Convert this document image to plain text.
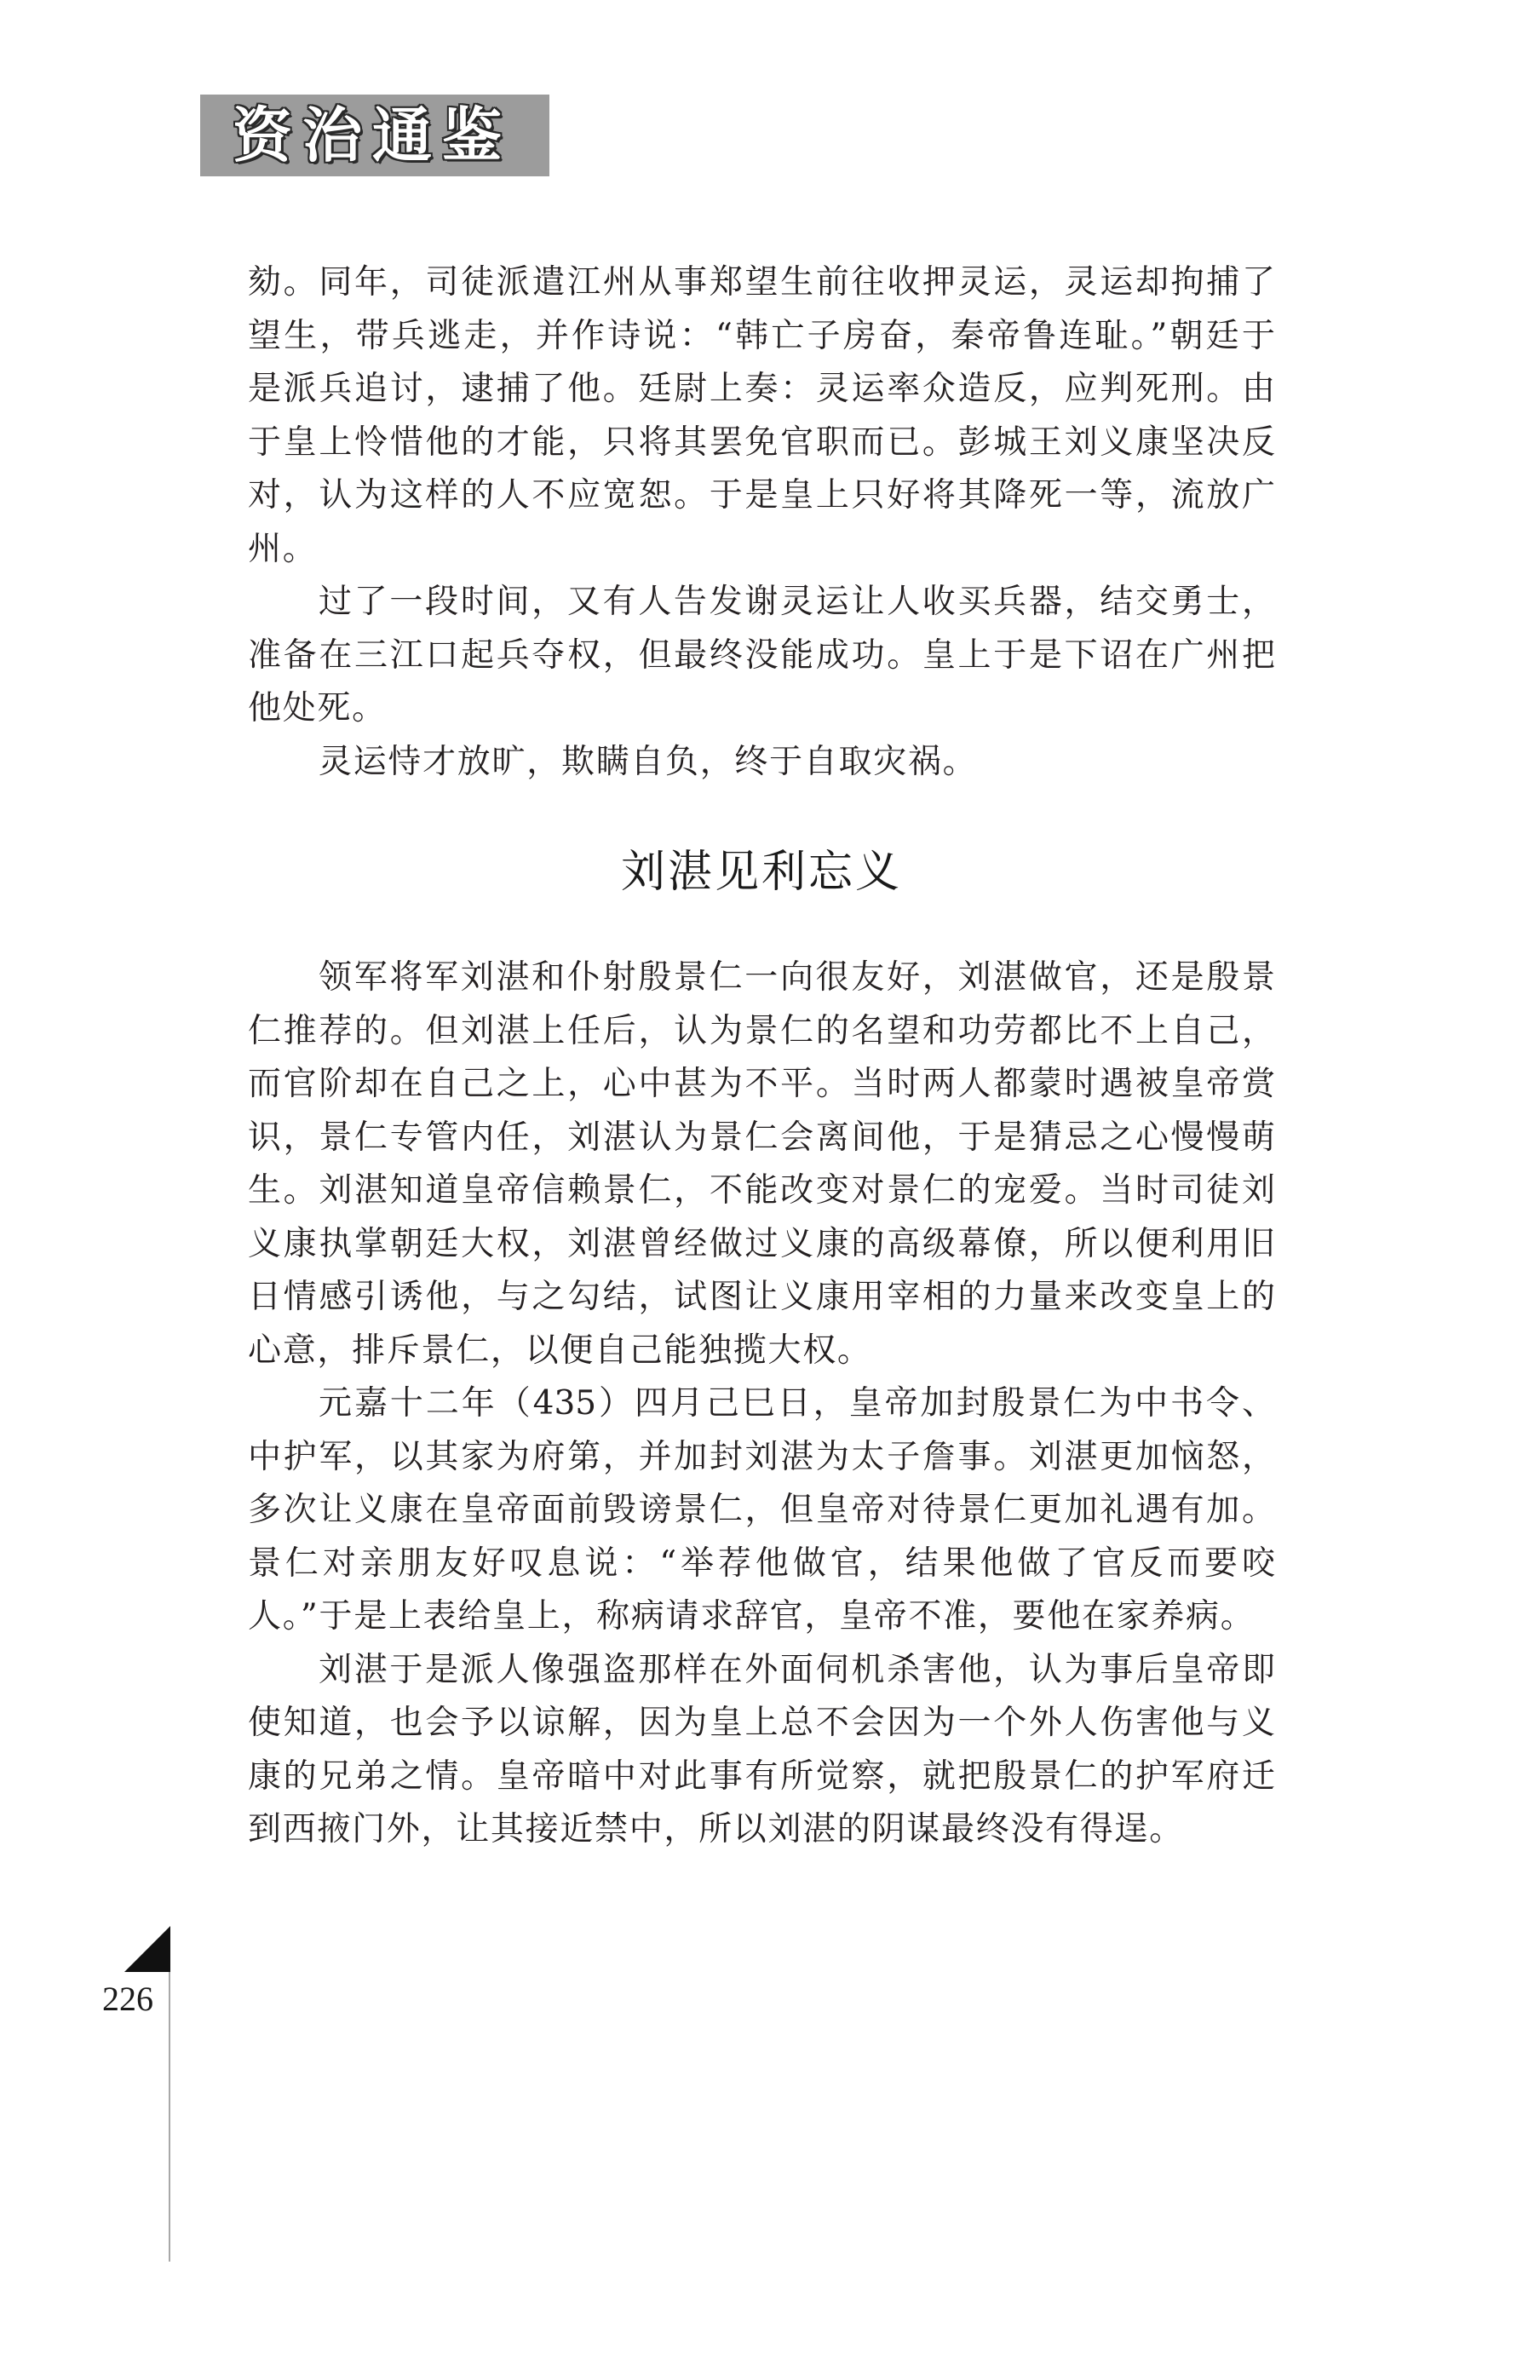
资治通鉴
劾。同年，司徒派遣江州从事郑望生前往收押灵运，灵运却拘捕了
望生，带兵逃走，并作诗说：“韩亡子房奋，秦帝鲁连耻。”朝廷于
是派兵追讨，逮捕了他。廷尉上奏：灵运率众造反，应判死刑。由
于皇上怜惜他的才能，只将其罢免官职而已。彭城王刘义康坚决反
对，认为这样的人不应宽恕。于是皇上只好将其降死一等，流放广
州。
过了一段时间，又有人告发谢灵运让人收买兵器，结交勇士，
准备在三江口起兵夺权，但最终没能成功。皇上于是下诏在广州把
他处死。
灵运恃才放旷，欺瞒自负，终于自取灾祸。
刘湛见利忘义
领军将军刘湛和仆射殷景仁一向很友好，刘湛做官，还是殷景
仁推荐的。但刘湛上任后，认为景仁的名望和功劳都比不上自己，
而官阶却在自己之上，心中甚为不平。当时两人都蒙时遇被皇帝赏
识，景仁专管内任，刘湛认为景仁会离间他，于是猜忌之心慢慢萌
生。刘湛知道皇帝信赖景仁，不能改变对景仁的宠爱。当时司徒刘
义康执掌朝廷大权，刘湛曾经做过义康的高级幕僚，所以便利用旧
日情感引诱他，与之勾结，试图让义康用宰相的力量来改变皇上的
心意，排斥景仁，以便自己能独揽大权。
元嘉十二年（435）四月己巳日，皇帝加封殷景仁为中书令、
中护军，以其家为府第，并加封刘湛为太子詹事。刘湛更加恼怒，
多次让义康在皇帝面前毁谤景仁，但皇帝对待景仁更加礼遇有加。
景仁对亲朋友好叹息说：“举荐他做官，结果他做了官反而要咬
人。”于是上表给皇上，称病请求辞官，皇帝不准，要他在家养病。
刘湛于是派人像强盗那样在外面伺机杀害他，认为事后皇帝即
使知道，也会予以谅解，因为皇上总不会因为一个外人伤害他与义
康的兄弟之情。皇帝暗中对此事有所觉察，就把殷景仁的护军府迁
到西掖门外，让其接近禁中，所以刘湛的阴谋最终没有得逞。
226
